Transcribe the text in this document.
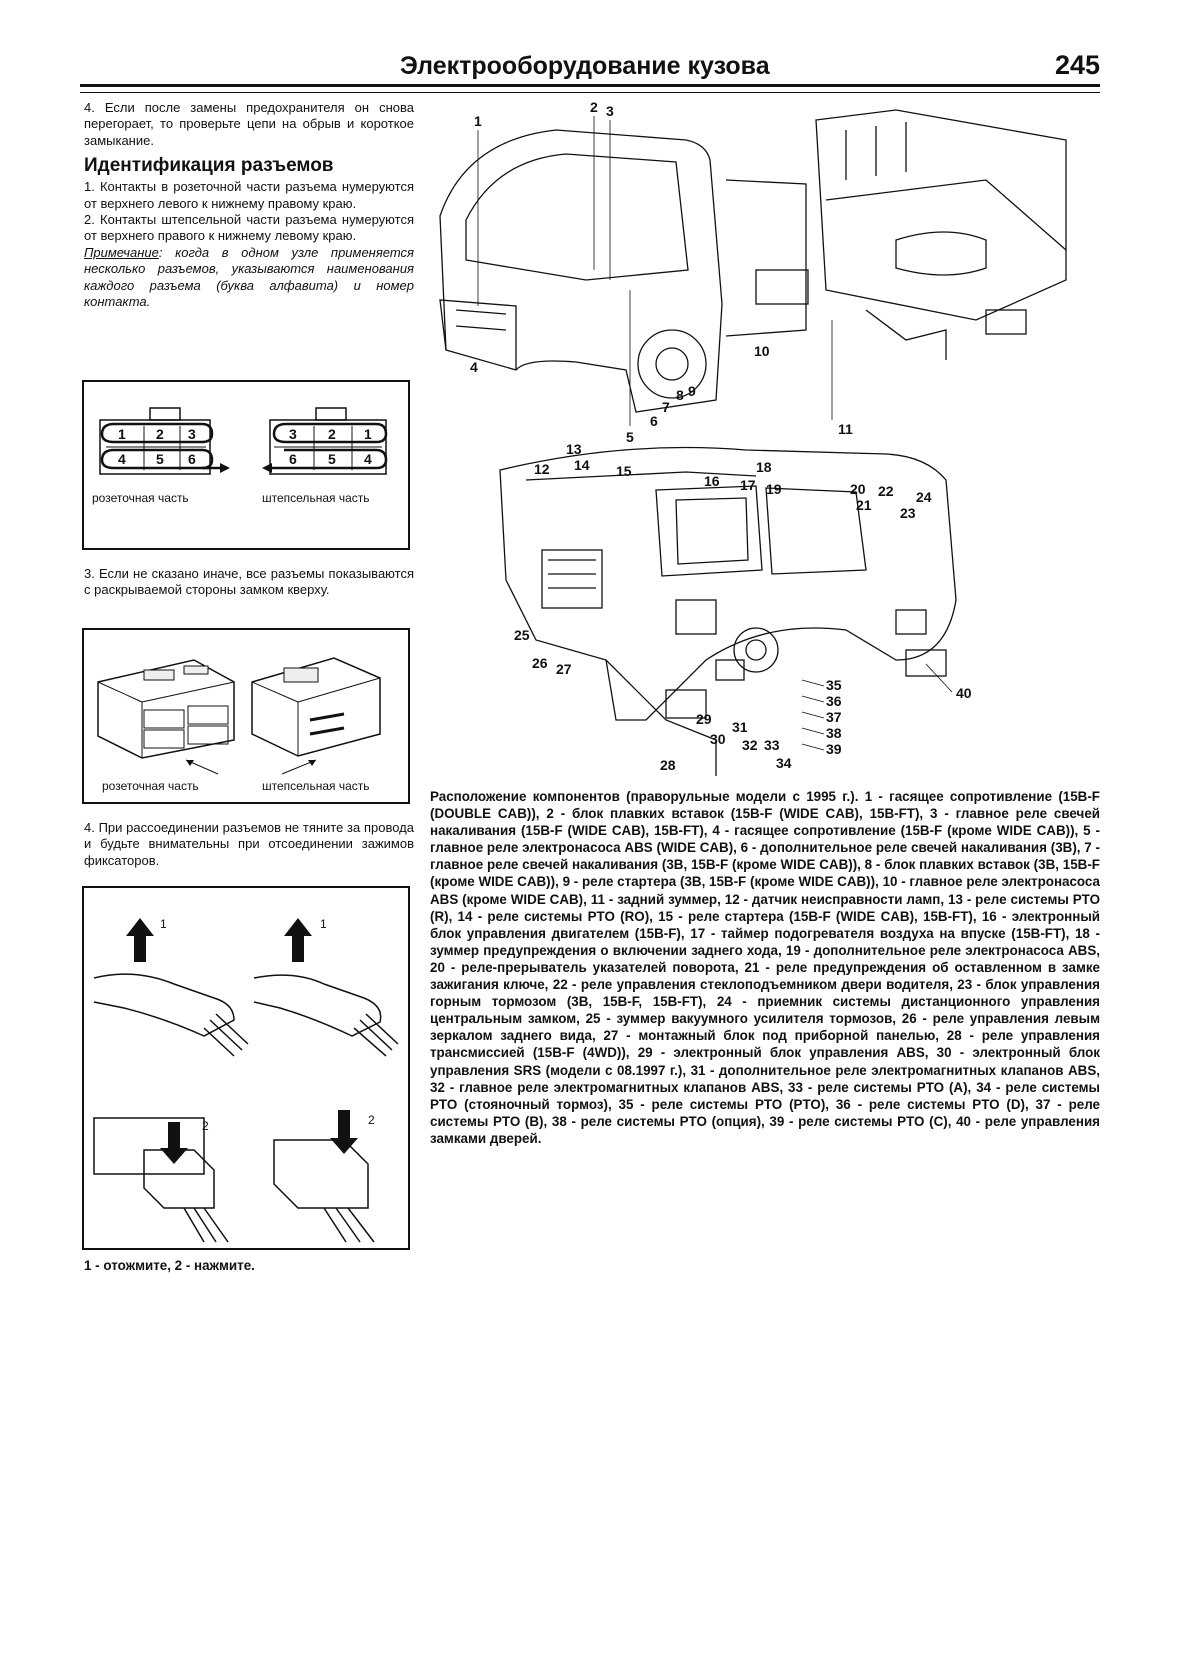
Электрооборудование кузова	245

4. Если после замены предохранителя он снова перегорает, то проверьте цепи на обрыв и короткое замыкание.

Идентификация разъемов

1. Контакты в розеточной части разъема нумеруются от верхнего левого к нижнему правому краю.

2. Контакты штепсельной части разъема нумеруются от верхнего правого к нижнему левому краю.

Примечание: когда в одном узле применяется несколько разъемов, указываются наименования каждого разъема (буква алфавита) и номер контакта.

1 2 3
4 5 6
розеточная часть
3 2 1
6 5 4
штепсельная часть

3. Если не сказано иначе, все разъемы показываются с раскрываемой стороны замком кверху.

розеточная часть	штепсельная часть

4. При рассоединении разъемов не тяните за провода и будьте внимательны при отсоединении зажимов фиксаторов.

1	1
2	2
1 - отожмите, 2 - нажмите.
1
2 3
4
5
6
7
8 9
10
11
12
13
14 15
16 17
18
19	20
21
22
23
24
25
26 27
28
29
30
31
32 33
34
35
36
37
38
39
40
Расположение компонентов (праворульные модели с 1995 г.). 1 - гасящее сопротивление (15B-F (DOUBLE CAB)), 2 - блок плавких вставок (15B-F (WIDE CAB), 15B-FT), 3 - главное реле свечей накаливания (15B-F (WIDE CAB), 15B-FT), 4 - гасящее сопротивление (15B-F (кроме WIDE CAB)), 5 - главное реле электронасоса ABS (WIDE CAB), 6 - дополнительное реле свечей накаливания (3B), 7 - главное реле свечей накаливания (3B, 15B-F (кроме WIDE CAB)), 8 - блок плавких вставок (3B, 15B-F (кроме WIDE CAB)), 9 - реле стартера (3B, 15B-F (кроме WIDE CAB)), 10 - главное реле электронасоса ABS (кроме WIDE CAB), 11 - задний зуммер, 12 - датчик неисправности ламп, 13 - реле системы PTO (R), 14 - реле системы PTO (RO), 15 - реле стартера (15B-F (WIDE CAB), 15B-FT), 16 - электронный блок управления двигателем (15B-F), 17 - таймер подогревателя воздуха на впуске (15B-FT), 18 - зуммер предупреждения о включении заднего хода, 19 - дополнительное реле электронасоса ABS, 20 - реле-прерыватель указателей поворота, 21 - реле предупреждения об оставленном в замке зажигания ключе, 22 - реле управления стеклоподъемником двери водителя, 23 - блок управления горным тормозом (3B, 15B-F, 15B-FT), 24 - приемник системы дистанционного управления центральным замком, 25 - зуммер вакуумного усилителя тормозов, 26 - реле управления левым зеркалом заднего вида, 27 - монтажный блок под приборной панелью, 28 - реле управления трансмиссией (15B-F (4WD)), 29 - электронный блок управления ABS, 30 - электронный блок управления SRS (модели с 08.1997 г.), 31 - дополнительное реле электромагнитных клапанов ABS, 32 - главное реле электромагнитных клапанов ABS, 33 - реле системы PTO (A), 34 - реле системы PTO (стояночный тормоз), 35 - реле системы PTO (PTO), 36 - реле системы PTO (D), 37 - реле системы PTO (B), 38 - реле системы PTO (опция), 39 - реле системы PTO (C), 40 - реле управления замками дверей.
